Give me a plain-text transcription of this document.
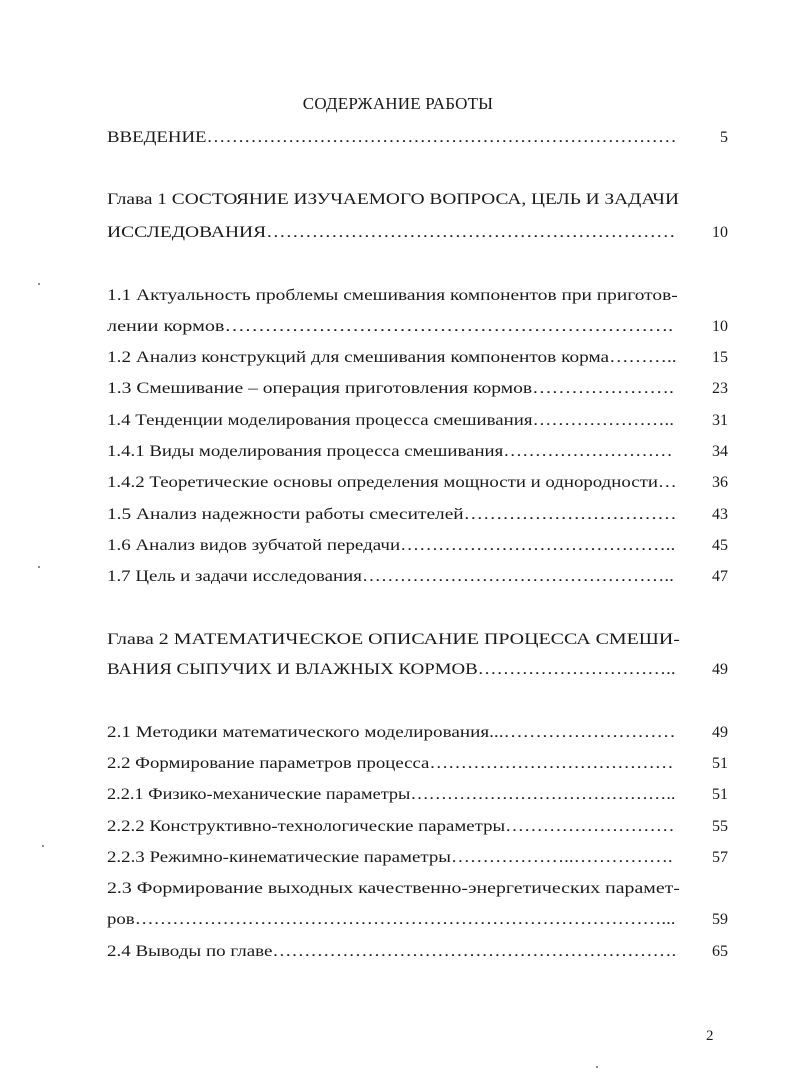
СОДЕРЖАНИЕ РАБОТЫ
ВВЕДЕНИЕ…………………………………………………………………	5
Глава 1 СОСТОЯНИЕ ИЗУЧАЕМОГО ВОПРОСА, ЦЕЛЬ И ЗАДАЧИ
ИССЛЕДОВАНИЯ………………………………………………………	10
1.1 Актуальность проблемы смешивания компонентов при приготов-
лении кормов………………………………………………………….	10
1.2 Анализ конструкций для смешивания компонентов корма………..	15
1.3 Смешивание – операция приготовления кормов………………….	23
1.4 Тенденции моделирования процесса смешивания…………………..	31
1.4.1 Виды моделирования процесса смешивания………………………	34
1.4.2 Теоретические основы определения мощности и однородности…	36
1.5 Анализ надежности работы смесителей……………………………	43
1.6 Анализ видов зубчатой передачи……………………………………..	45
1.7 Цель и задачи исследования…………………………………………..	47
Глава 2 МАТЕМАТИЧЕСКОЕ ОПИСАНИЕ ПРОЦЕССА СМЕШИ-
ВАНИЯ СЫПУЧИХ И ВЛАЖНЫХ КОРМОВ…………………………..	49
2.1 Методики математического моделирования...………………………	49
2.2 Формирование параметров процесса…………………………………	51
2.2.1 Физико-механические параметры……………………………………..	51
2.2.2 Конструктивно-технологические параметры………………………	55
2.2.3 Режимно-кинематические параметры………………..…………….	57
2.3 Формирование выходных качественно-энергетических парамет-
ров…………………………………………………………………………...	59
2.4 Выводы по главе……………………………………………………….	65
2
